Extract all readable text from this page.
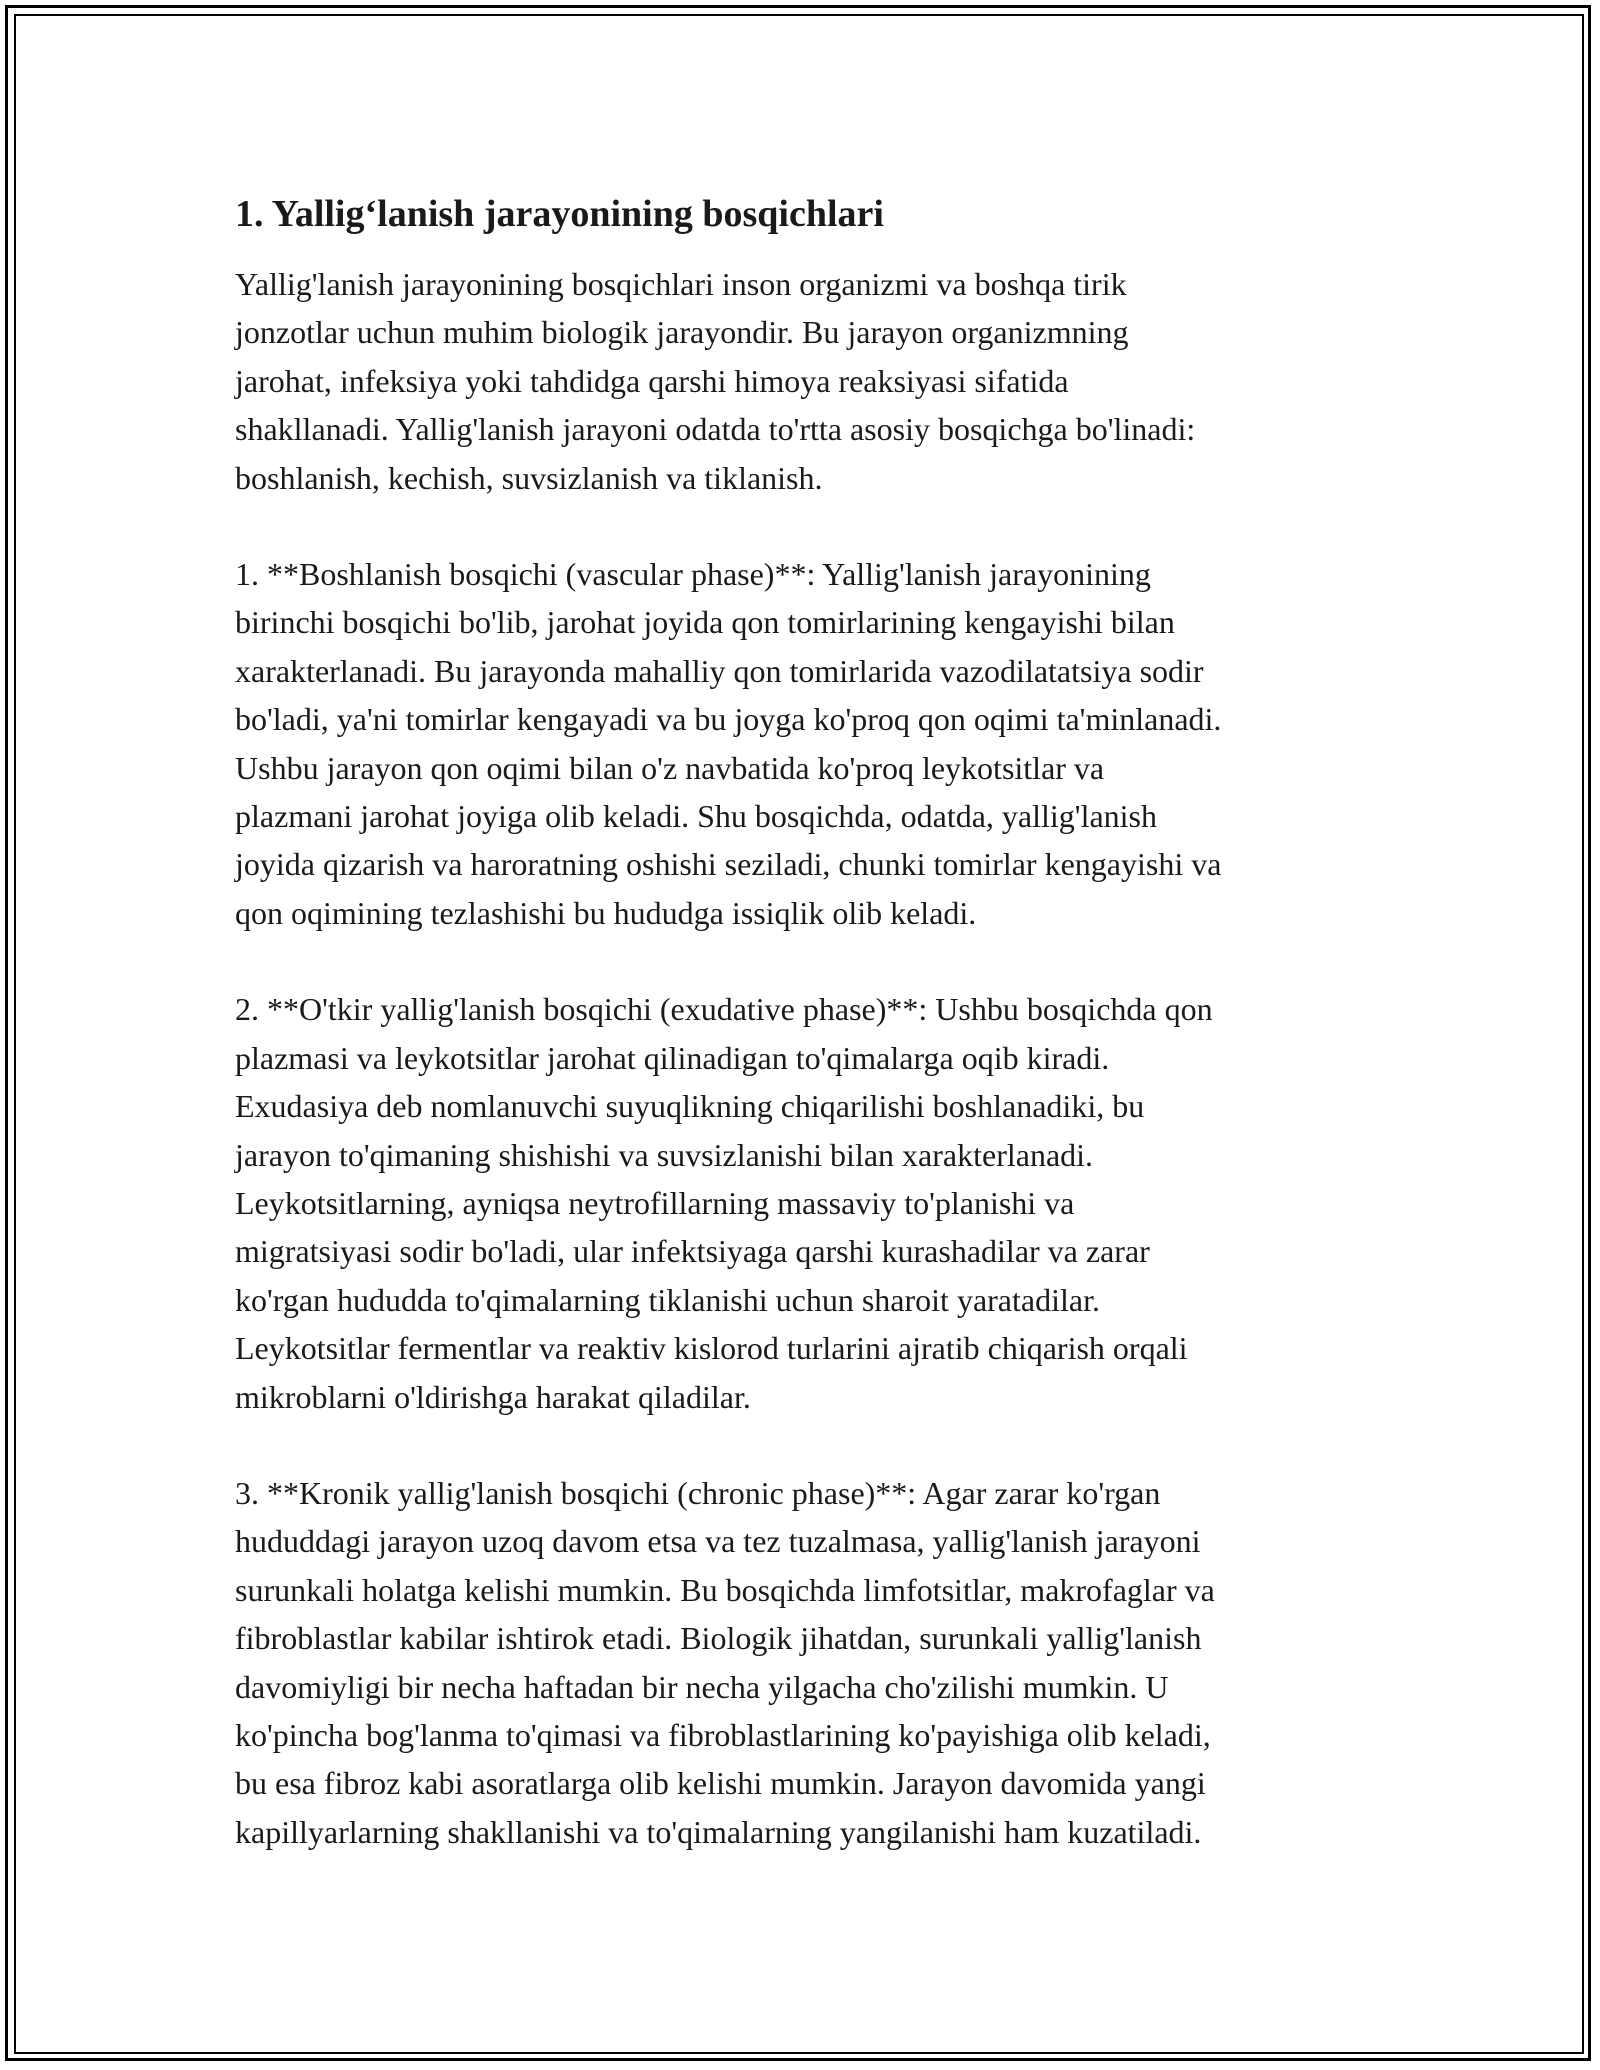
1. Yallig‘lanish jarayonining bosqichlari

Yallig'lanish jarayonining bosqichlari inson organizmi va boshqa tirik
jonzotlar uchun muhim biologik jarayondir. Bu jarayon organizmning
jarohat, infeksiya yoki tahdidga qarshi himoya reaksiyasi sifatida
shakllanadi. Yallig'lanish jarayoni odatda to'rtta asosiy bosqichga bo'linadi:
boshlanish, kechish, suvsizlanish va tiklanish.

1. **Boshlanish bosqichi (vascular phase)**: Yallig'lanish jarayonining
birinchi bosqichi bo'lib, jarohat joyida qon tomirlarining kengayishi bilan
xarakterlanadi. Bu jarayonda mahalliy qon tomirlarida vazodilatatsiya sodir
bo'ladi, ya'ni tomirlar kengayadi va bu joyga ko'proq qon oqimi ta'minlanadi.
Ushbu jarayon qon oqimi bilan o'z navbatida ko'proq leykotsitlar va
plazmani jarohat joyiga olib keladi. Shu bosqichda, odatda, yallig'lanish
joyida qizarish va haroratning oshishi seziladi, chunki tomirlar kengayishi va
qon oqimining tezlashishi bu hududga issiqlik olib keladi.

2. **O'tkir yallig'lanish bosqichi (exudative phase)**: Ushbu bosqichda qon
plazmasi va leykotsitlar jarohat qilinadigan to'qimalarga oqib kiradi.
Exudasiya deb nomlanuvchi suyuqlikning chiqarilishi boshlanadiki, bu
jarayon to'qimaning shishishi va suvsizlanishi bilan xarakterlanadi.
Leykotsitlarning, ayniqsa neytrofillarning massaviy to'planishi va
migratsiyasi sodir bo'ladi, ular infektsiyaga qarshi kurashadilar va zarar
ko'rgan hududda to'qimalarning tiklanishi uchun sharoit yaratadilar.
Leykotsitlar fermentlar va reaktiv kislorod turlarini ajratib chiqarish orqali
mikroblarni o'ldirishga harakat qiladilar.

3. **Kronik yallig'lanish bosqichi (chronic phase)**: Agar zarar ko'rgan
hududdagi jarayon uzoq davom etsa va tez tuzalmasa, yallig'lanish jarayoni
surunkali holatga kelishi mumkin. Bu bosqichda limfotsitlar, makrofaglar va
fibroblastlar kabilar ishtirok etadi. Biologik jihatdan, surunkali yallig'lanish
davomiyligi bir necha haftadan bir necha yilgacha cho'zilishi mumkin. U
ko'pincha bog'lanma to'qimasi va fibroblastlarining ko'payishiga olib keladi,
bu esa fibroz kabi asoratlarga olib kelishi mumkin. Jarayon davomida yangi
kapillyarlarning shakllanishi va to'qimalarning yangilanishi ham kuzatiladi.
